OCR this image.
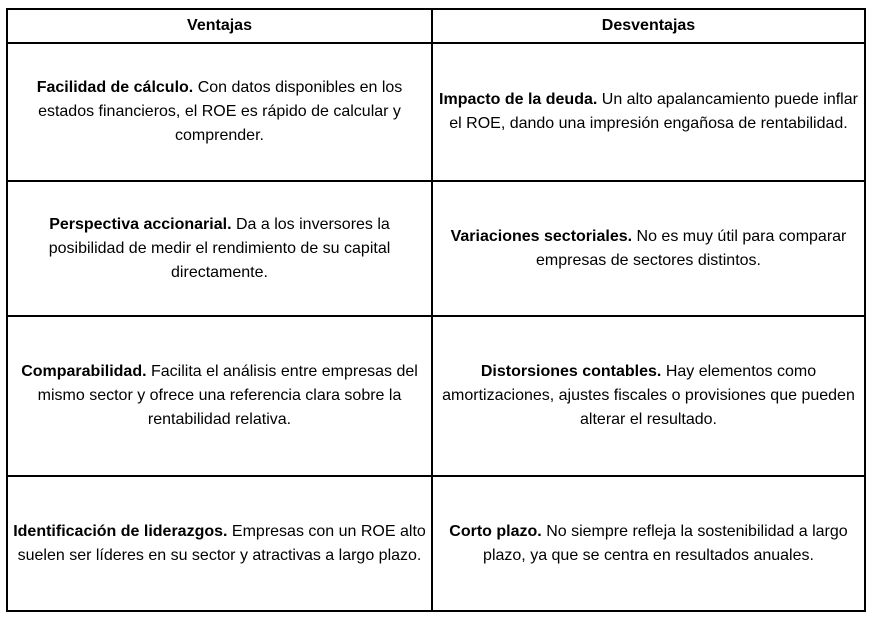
Ventajas	Desventajas
Facilidad de cálculo. Con datos disponibles en los estados financieros, el ROE es rápido de calcular y comprender.	Impacto de la deuda. Un alto apalancamiento puede inflar el ROE, dando una impresión engañosa de rentabilidad.
Perspectiva accionarial. Da a los inversores la posibilidad de medir el rendimiento de su capital directamente.	Variaciones sectoriales. No es muy útil para comparar empresas de sectores distintos.
Comparabilidad. Facilita el análisis entre empresas del mismo sector y ofrece una referencia clara sobre la rentabilidad relativa.	Distorsiones contables. Hay elementos como amortizaciones, ajustes fiscales o provisiones que pueden alterar el resultado.
Identificación de liderazgos. Empresas con un ROE alto suelen ser líderes en su sector y atractivas a largo plazo.	Corto plazo. No siempre refleja la sostenibilidad a largo plazo, ya que se centra en resultados anuales.
